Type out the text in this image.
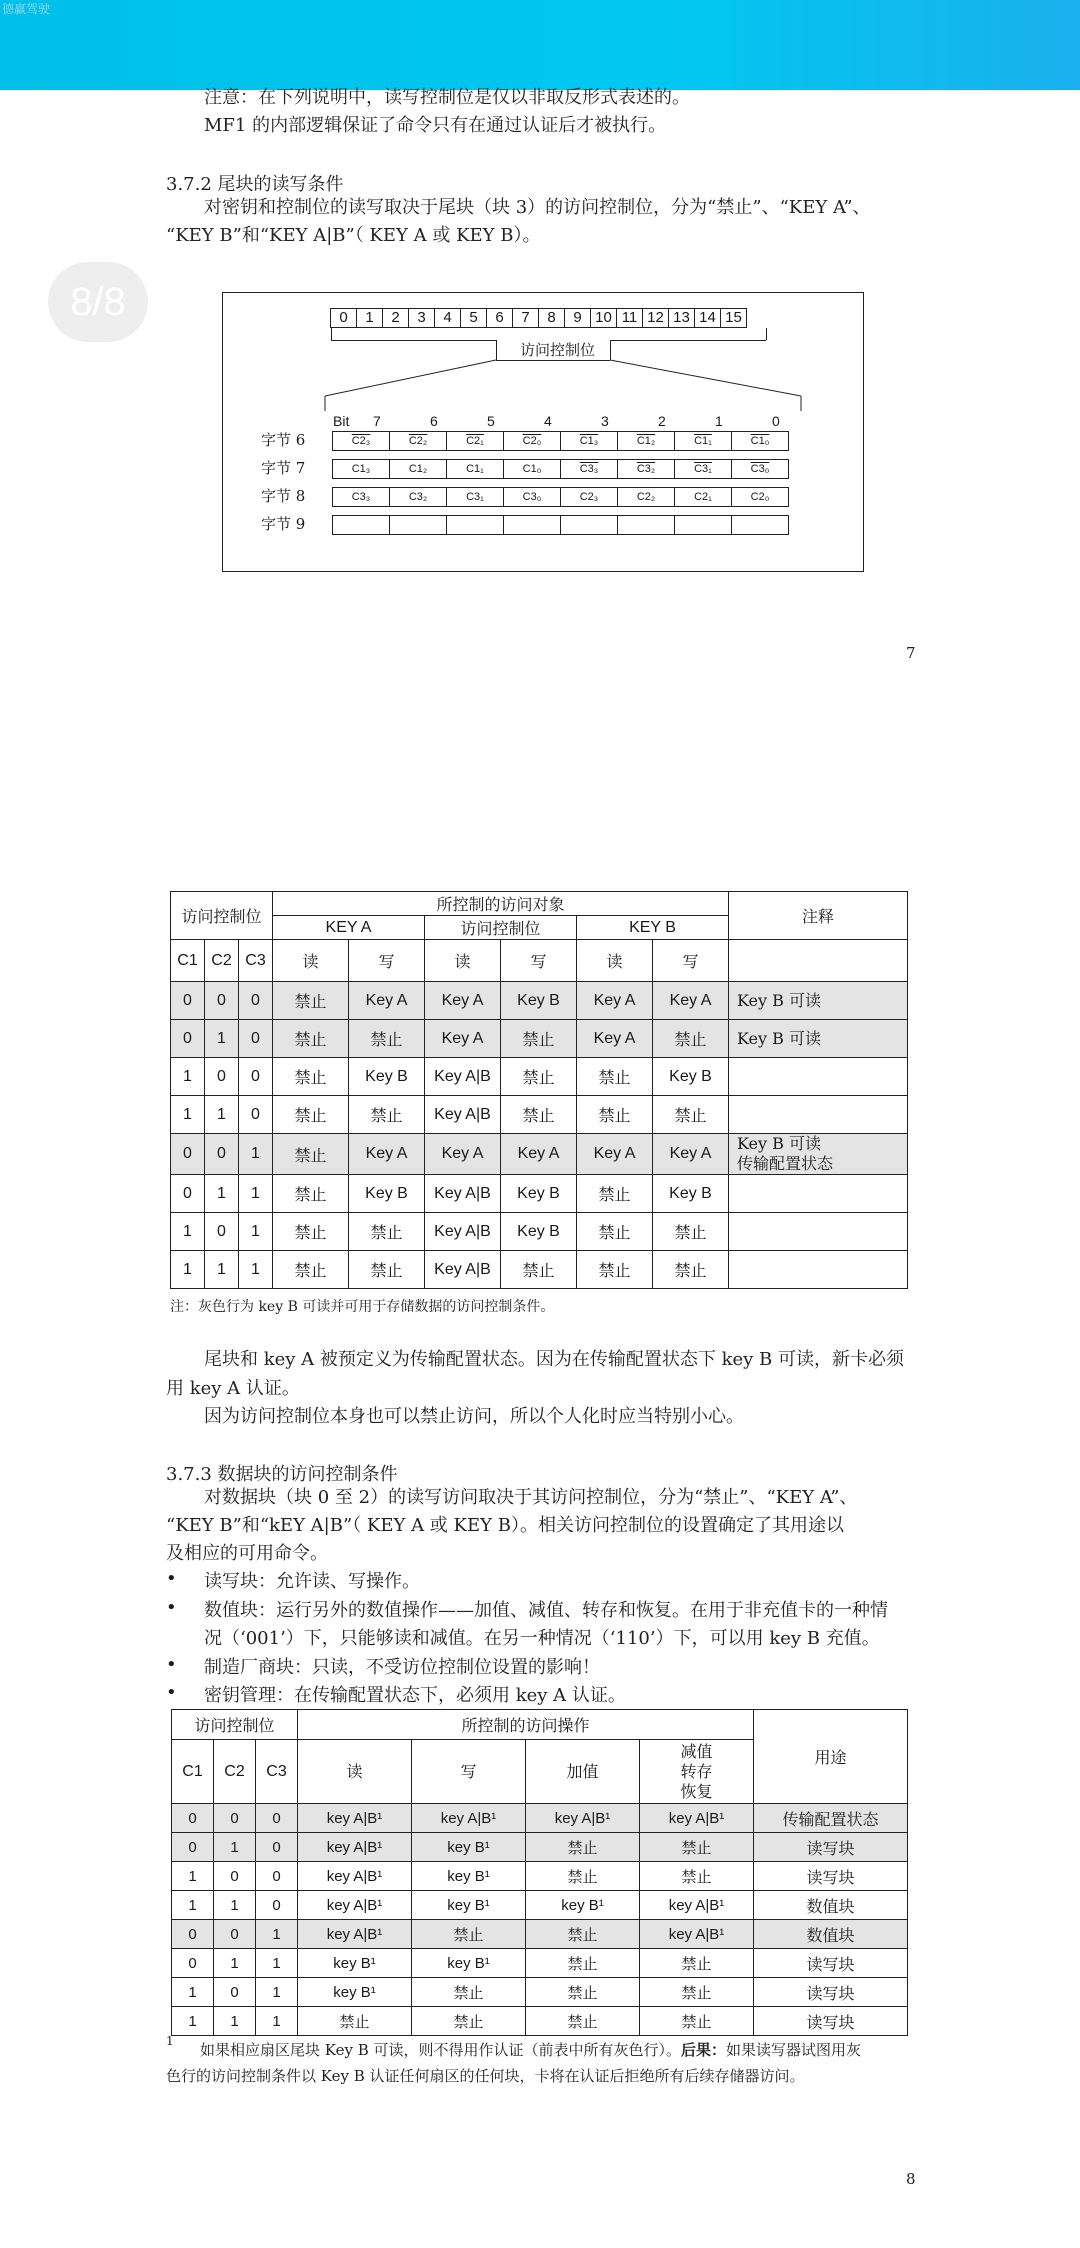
德赢驾驶
8/8
注意：在下列说明中，读写控制位是仅以非取反形式表述的。
MF1 的内部逻辑保证了命令只有在通过认证后才被执行。
3.7.2 尾块的读写条件
对密钥和控制位的读写取决于尾块（块 3）的访问控制位，分为“禁止”、“KEY A”、
“KEY B”和“KEY A|B”（ KEY A 或 KEY B）。
0	1	2	3	4	5	6	7	8	9 10 11 12 13 14 15
访问控制位
Bit 7	6	5	4	3	2	1	0
字节 6	C2₃	C2₂	C2₁	C2₀	C1₃	C1₂	C1₁	C1₀
字节 7	C1₃	C1₂	C1₁	C1₀	C3₃	C3₂	C3₁	C3₀
字节 8	C3₃	C3₂	C3₁	C3₀	C2₃	C2₂	C2₁	C2₀
字节 9
7
访问控制位			所控制的访问对象						注释
			KEY A		访问控制位		KEY B		
C1	C2	C3	读	写	读	写	读	写	
0	0	0	禁止	Key A	Key A	Key B	Key A	Key A	Key B 可读
0	1	0	禁止	禁止	Key A	禁止	Key A	禁止	Key B 可读
1	0	0	禁止	Key B	Key A|B	禁止	禁止	Key B	
1	1	0	禁止	禁止	Key A|B	禁止	禁止	禁止	
0	0	1	禁止	Key A	Key A	Key A	Key A	Key A	Key B 可读
传输配置状态
0	1	1	禁止	Key B	Key A|B	Key B	禁止	Key B	
1	0	1	禁止	禁止	Key A|B	Key B	禁止	禁止	
1	1	1	禁止	禁止	Key A|B	禁止	禁止	禁止	
注：灰色行为 key B 可读并可用于存储数据的访问控制条件。
尾块和 key A 被预定义为传输配置状态。因为在传输配置状态下 key B 可读，新卡必须
用 key A 认证。
因为访问控制位本身也可以禁止访问，所以个人化时应当特别小心。
3.7.3 数据块的访问控制条件
对数据块（块 0 至 2）的读写访问取决于其访问控制位，分为“禁止”、“KEY A”、
“KEY B”和“kEY A|B”（ KEY A 或 KEY B）。相关访问控制位的设置确定了其用途以
及相应的可用命令。
• 读写块：允许读、写操作。
• 数值块：运行另外的数值操作——加值、减值、转存和恢复。在用于非充值卡的一种情
况（‘001’）下，只能够读和减值。在另一种情况（‘110’）下，可以用 key B 充值。
• 制造厂商块：只读，不受访位控制位设置的影响！
• 密钥管理：在传输配置状态下，必须用 key A 认证。
访问控制位			所控制的访问操作				用途
C1	C2	C3	读	写	加值	减值
转存
恢复	
0	0	0	key A|B¹	key A|B¹	key A|B¹	key A|B¹	传输配置状态
0	1	0	key A|B¹	key B¹	禁止	禁止	读写块
1	0	0	key A|B¹	key B¹	禁止	禁止	读写块
1	1	0	key A|B¹	key B¹	key B¹	key A|B¹	数值块
0	0	1	key A|B¹	禁止	禁止	key A|B¹	数值块
0	1	1	key B¹	key B¹	禁止	禁止	读写块
1	0	1	key B¹	禁止	禁止	禁止	读写块
1	1	1	禁止	禁止	禁止	禁止	读写块
1 如果相应扇区尾块 Key B 可读，则不得用作认证（前表中所有灰色行）。后果：如果读写器试图用灰
色行的访问控制条件以 Key B 认证任何扇区的任何块，卡将在认证后拒绝所有后续存储器访问。
8
